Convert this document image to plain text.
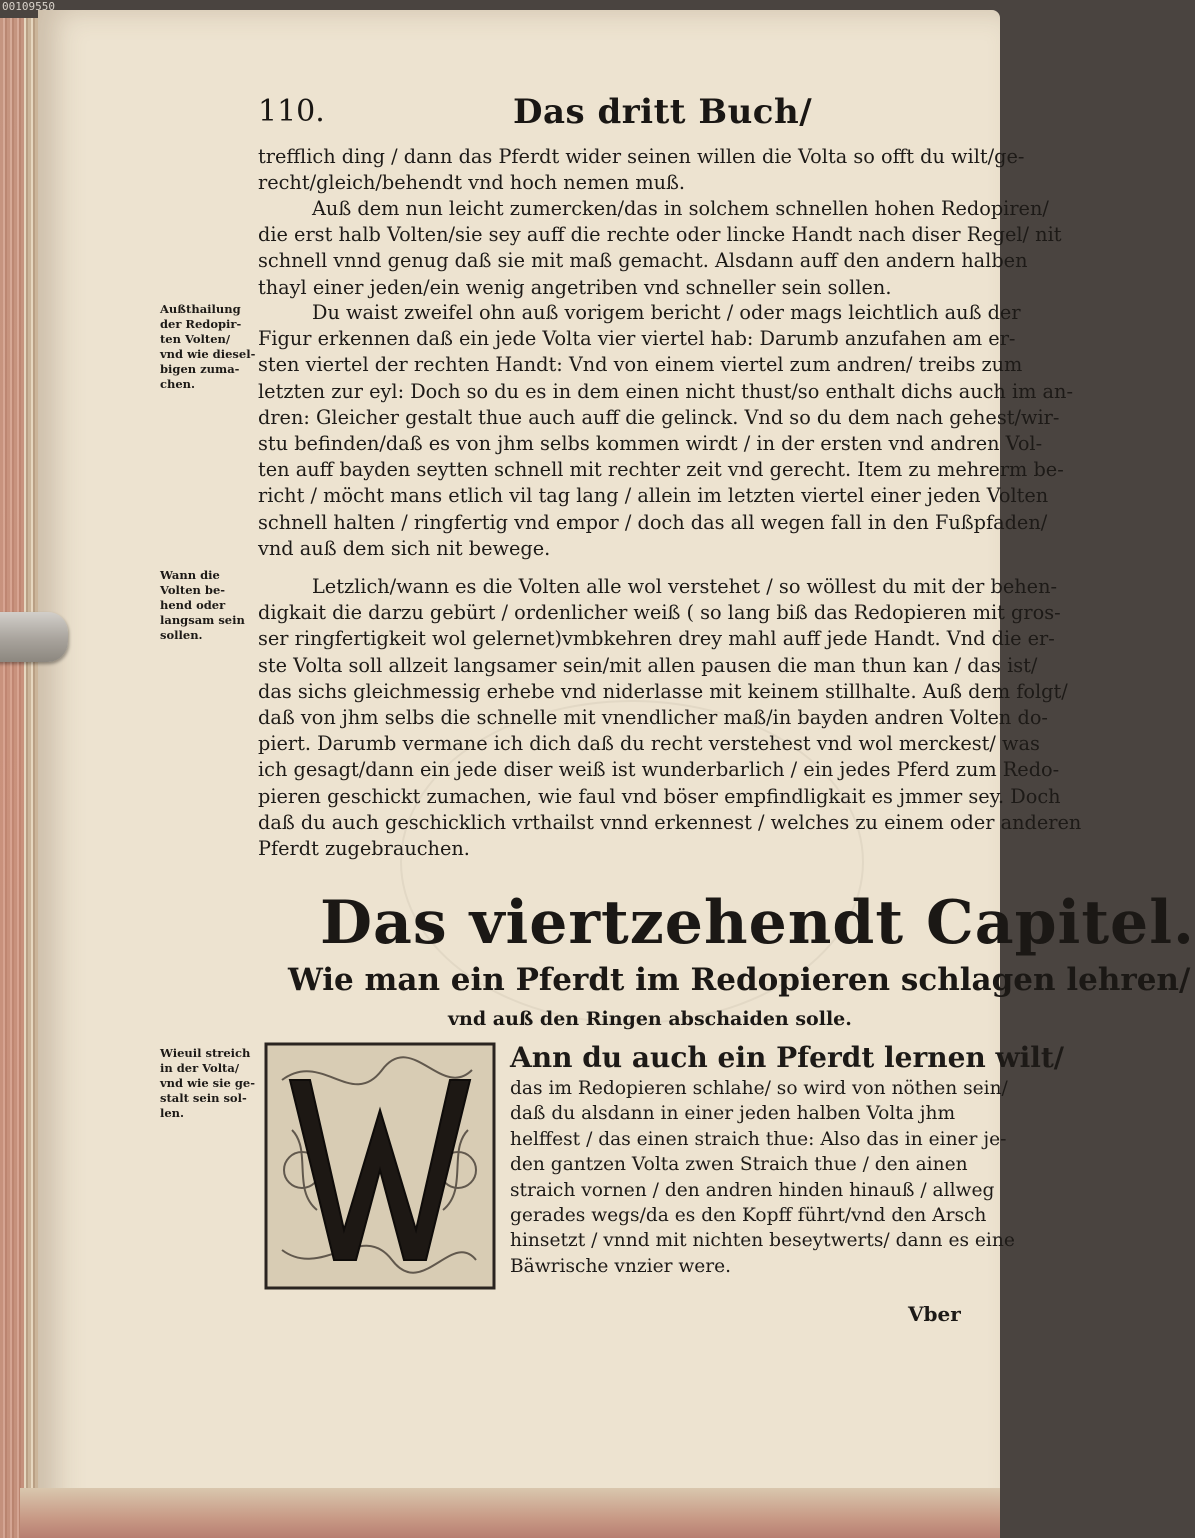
00109550
110.	Das dritt Buch/

trefflich ding / dann das Pferdt wider seinen willen die Volta so offt du wilt/ge-
recht/gleich/behendt vnd hoch nemen muß.

Auß dem nun leicht zumercken/das in solchem schnellen hohen Redopiren/
die erst halb Volten/sie sey auff die rechte oder lincke Handt nach diser Regel/ nit
schnell vnnd genug daß sie mit maß gemacht. Alsdann auff den andern halben
thayl einer jeden/ein wenig angetriben vnd schneller sein sollen.

Du waist zweifel ohn auß vorigem bericht / oder mags leichtlich auß der
Figur erkennen daß ein jede Volta vier viertel hab: Darumb anzufahen am er-
sten viertel der rechten Handt: Vnd von einem viertel zum andren/ treibs zum
letzten zur eyl: Doch so du es in dem einen nicht thust/so enthalt dichs auch im an-
dren: Gleicher gestalt thue auch auff die gelinck. Vnd so du dem nach gehest/wir-
stu befinden/daß es von jhm selbs kommen wirdt / in der ersten vnd andren Vol-
ten auff bayden seytten schnell mit rechter zeit vnd gerecht. Item zu mehrerm be-
richt / möcht mans etlich vil tag lang / allein im letzten viertel einer jeden Volten
schnell halten / ringfertig vnd empor / doch das all wegen fall in den Fußpfaden/
vnd auß dem sich nit bewege.

Letzlich/wann es die Volten alle wol verstehet / so wöllest du mit der behen-
digkait die darzu gebürt / ordenlicher weiß ( so lang biß das Redopieren mit gros-
ser ringfertigkeit wol gelernet)vmbkehren drey mahl auff jede Handt. Vnd die er-
ste Volta soll allzeit langsamer sein/mit allen pausen die man thun kan / das ist/
das sichs gleichmessig erhebe vnd niderlasse mit keinem stillhalte. Auß dem folgt/
daß von jhm selbs die schnelle mit vnendlicher maß/in bayden andren Volten do-
piert. Darumb vermane ich dich daß du recht verstehest vnd wol merckest/ was
ich gesagt/dann ein jede diser weiß ist wunderbarlich / ein jedes Pferd zum Redo-
pieren geschickt zumachen, wie faul vnd böser empfindligkait es jmmer sey. Doch
daß du auch geschicklich vrthailst vnnd erkennest / welches zu einem oder anderen
Pferdt zugebrauchen.

Außthailung
der Redopir-
ten Volten/
vnd wie diesel-
bigen zuma-
chen.
Wann die
Volten be-
hend oder
langsam sein
sollen.
Wieuil streich
in der Volta/
vnd wie sie ge-
stalt sein sol-
len.
Das viertzehendt Capitel.
Wie man ein Pferdt im Redopieren schlagen lehren/
vnd auß den Ringen abschaiden solle.

Ann du auch ein Pferdt lernen wilt/
das im Redopieren schlahe/ so wird von nöthen sein/
daß du alsdann in einer jeden halben Volta jhm
helffest / das einen straich thue: Also das in einer je-
den gantzen Volta zwen Straich thue / den ainen
straich vornen / den andren hinden hinauß / allweg
gerades wegs/da es den Kopff führt/vnd den Arsch
hinsetzt / vnnd mit nichten beseytwerts/ dann es eine
Bäwrische vnzier were.

Vber
